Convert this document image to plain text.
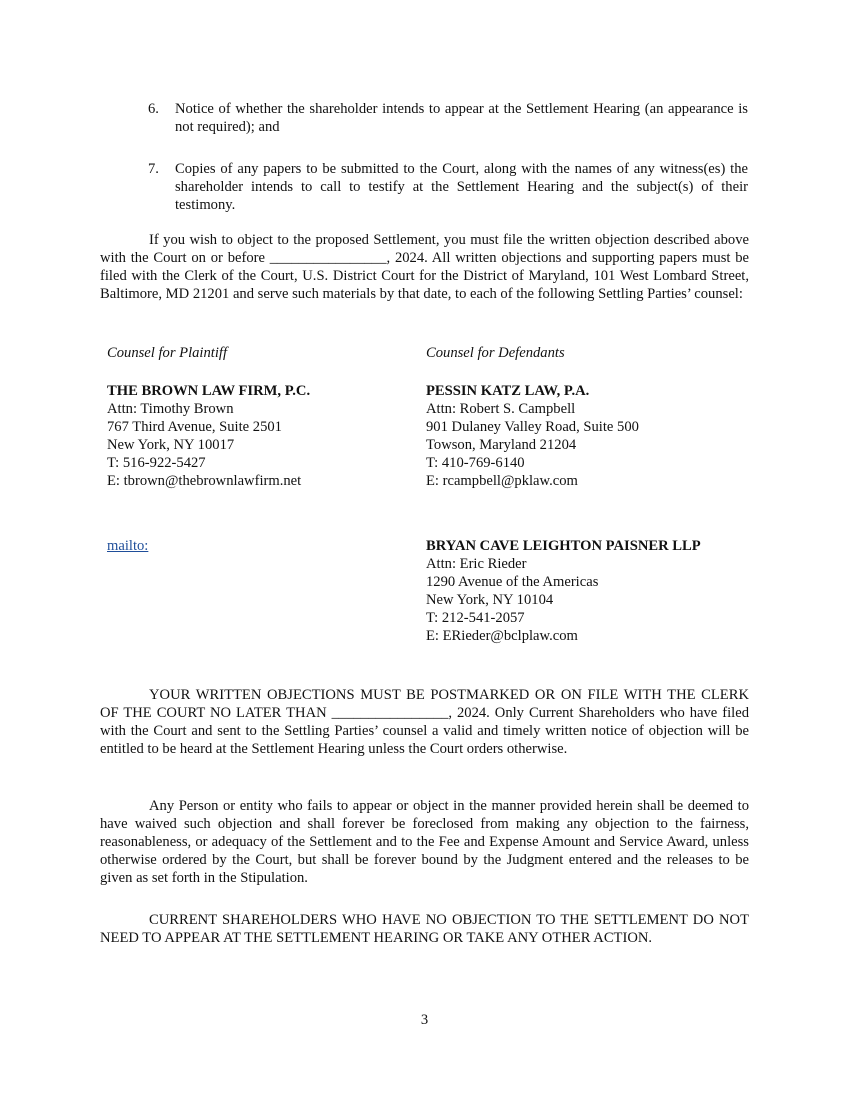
6. Notice of whether the shareholder intends to appear at the Settlement Hearing (an appearance is not required); and
7. Copies of any papers to be submitted to the Court, along with the names of any witness(es) the shareholder intends to call to testify at the Settlement Hearing and the subject(s) of their testimony.
If you wish to object to the proposed Settlement, you must file the written objection described above with the Court on or before ________________, 2024. All written objections and supporting papers must be filed with the Clerk of the Court, U.S. District Court for the District of Maryland, 101 West Lombard Street, Baltimore, MD 21201 and serve such materials by that date, to each of the following Settling Parties’ counsel:
Counsel for Plaintiff
THE BROWN LAW FIRM, P.C.
Attn: Timothy Brown
767 Third Avenue, Suite 2501
New York, NY 10017
T: 516-922-5427
E: tbrown@thebrownlawfirm.net
mailto:
Counsel for Defendants
PESSIN KATZ LAW, P.A.
Attn: Robert S. Campbell
901 Dulaney Valley Road, Suite 500
Towson, Maryland 21204
T: 410-769-6140
E: rcampbell@pklaw.com
BRYAN CAVE LEIGHTON PAISNER LLP
Attn: Eric Rieder
1290 Avenue of the Americas
New York, NY 10104
T: 212-541-2057
E: ERieder@bclplaw.com
YOUR WRITTEN OBJECTIONS MUST BE POSTMARKED OR ON FILE WITH THE CLERK OF THE COURT NO LATER THAN ________________, 2024. Only Current Shareholders who have filed with the Court and sent to the Settling Parties’ counsel a valid and timely written notice of objection will be entitled to be heard at the Settlement Hearing unless the Court orders otherwise.
Any Person or entity who fails to appear or object in the manner provided herein shall be deemed to have waived such objection and shall forever be foreclosed from making any objection to the fairness, reasonableness, or adequacy of the Settlement and to the Fee and Expense Amount and Service Award, unless otherwise ordered by the Court, but shall be forever bound by the Judgment entered and the releases to be given as set forth in the Stipulation.
CURRENT SHAREHOLDERS WHO HAVE NO OBJECTION TO THE SETTLEMENT DO NOT NEED TO APPEAR AT THE SETTLEMENT HEARING OR TAKE ANY OTHER ACTION.
3
